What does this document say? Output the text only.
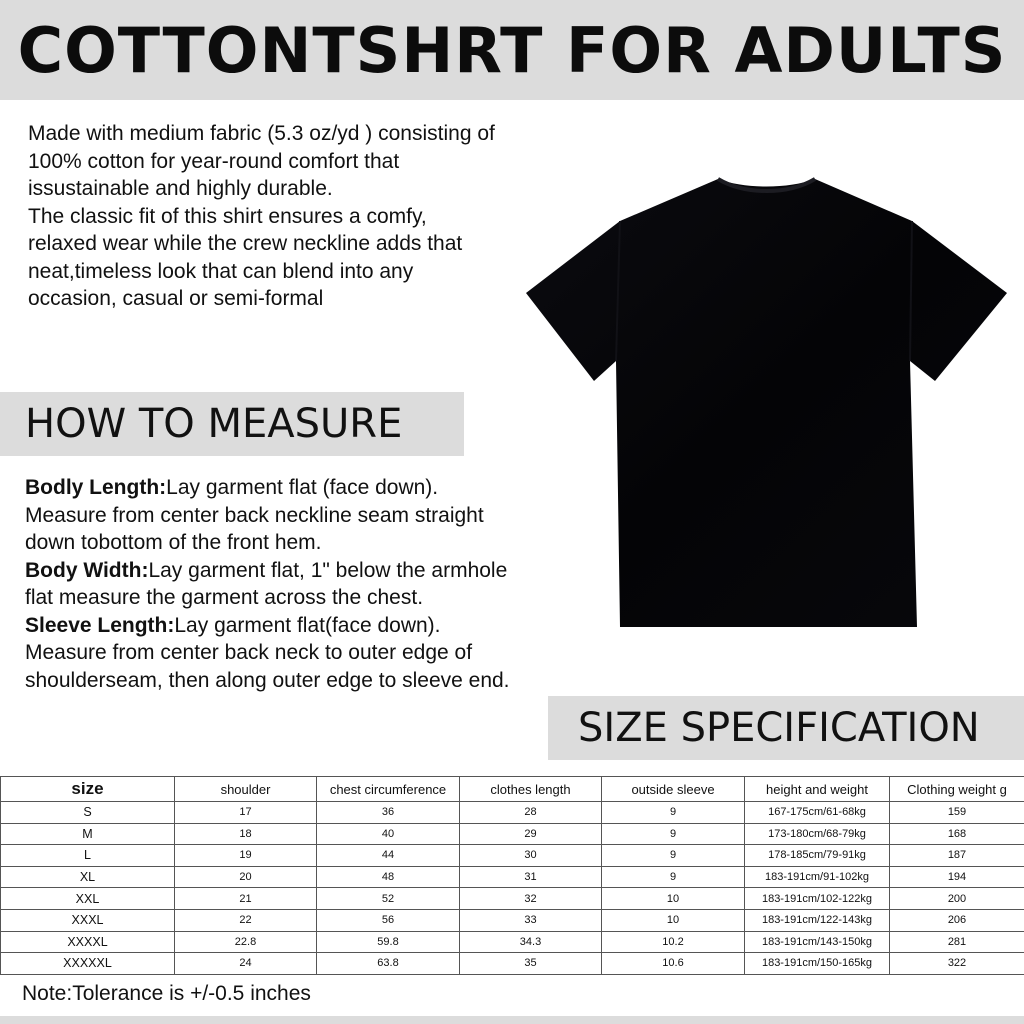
COTTONTSHRT FOR ADULTS

Made with medium fabric (5.3 oz/yd ) consisting of 100% cotton for year-round comfort that issustainable and highly durable.

The classic fit of this shirt ensures a comfy, relaxed wear while the crew neckline adds that neat,timeless look that can blend into any occasion, casual or semi-formal

HOW TO MEASURE
Bodly Length:Lay garment flat (face down). Measure from center back neckline seam straight down tobottom of the front hem.
Body Width:Lay garment flat, 1" below the armhole flat measure the garment across the chest.
Sleeve Length:Lay garment flat(face down). Measure from center back neck to outer edge of shoulderseam, then along outer edge to sleeve end.
SIZE SPECIFICATION
size	shoulder	chest circumference	clothes length	outside sleeve	height and weight	Clothing weight g
S	17	36	28	9	167-175cm/61-68kg	159
M	18	40	29	9	173-180cm/68-79kg	168
L	19	44	30	9	178-185cm/79-91kg	187
XL	20	48	31	9	183-191cm/91-102kg	194
XXL	21	52	32	10	183-191cm/102-122kg	200
XXXL	22	56	33	10	183-191cm/122-143kg	206
XXXXL	22.8	59.8	34.3	10.2	183-191cm/143-150kg	281
XXXXXL	24	63.8	35	10.6	183-191cm/150-165kg	322
Note:Tolerance is +/-0.5 inches
